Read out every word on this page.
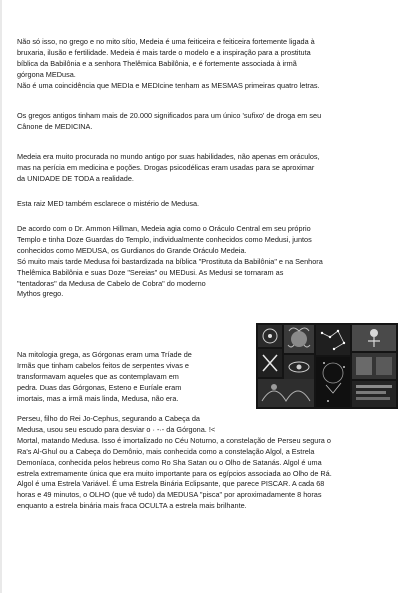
Não só isso, no grego e no mito sítio, Medeia é uma feiticeira e feiticeira fortemente ligada à
bruxaria, ilusão e fertilidade. Medeia é mais tarde o modelo e a inspiração para a prostituta
bíblica da Babilônia e a senhora Thelêmica Babilônia, e é fortemente associada à irmã
górgona MEDusa.
Não é uma coincidência que MEDIa e MEDIcine tenham as MESMAS primeiras quatro letras.

Os gregos antigos tinham mais de 20.000 significados para um único 'sufixo' de droga em seu
Cânone de MEDICINA.

Medeia era muito procurada no mundo antigo por suas habilidades, não apenas em oráculos,
mas na perícia em medicina e poções. Drogas psicodélicas eram usadas para se aproximar
da UNIDADE DE TODA a realidade.

Esta raiz MED também esclarece o mistério de Medusa.

De acordo com o Dr. Ammon Hillman, Medeia agia como o Oráculo Central em seu próprio
Templo e tinha Doze Guardas do Templo, individualmente conhecidos como Medusi, juntos
conhecidos como MEDUSA, os Gurdianos do Grande Oráculo Medeia.
Só muito mais tarde Medusa foi bastardizada na bíblica "Prostituta da Babilônia" e na Senhora
Thelêmica Babilônia e suas Doze "Sereias" ou MEDusi. As Medusi se tornaram as
"tentadoras" da Medusa de Cabelo de Cobra" do moderno
Mythos grego.

Na mitologia grega, as Górgonas eram uma Tríade de
Irmãs que tinham cabelos feitos de serpentes vivas e
transformavam aqueles que as contemplavam em
pedra. Duas das Górgonas, Esteno e Euríale eram
imortais, mas a irmã mais linda, Medusa, não era.

Perseu, filho do Rei Jo-Cephus, segurando a Cabeça da
Medusa, usou seu escudo para desviar o · -·- da Górgona. !<
Mortal, matando Medusa. Isso é imortalizado no Céu Noturno, a constelação de Perseu segura o
Ra's Al-Ghul ou a Cabeça do Demônio, mais conhecida como a constelação Algol, a Estrela
Demoníaca, conhecida pelos hebreus como Ro Sha Satan ou o Olho de Satanás. Algol é uma
estrela extremamente única que era muito importante para os egípcios associada ao Olho de Rá.
Algol é uma Estrela Variável. É uma Estrela Binária Eclipsante, que parece PISCAR. A cada 68
horas e 49 minutos, o OLHO (que vê tudo) da MEDUSA "pisca" por aproximadamente 8 horas
enquanto a estrela binária mais fraca OCULTA a estrela mais brilhante.
